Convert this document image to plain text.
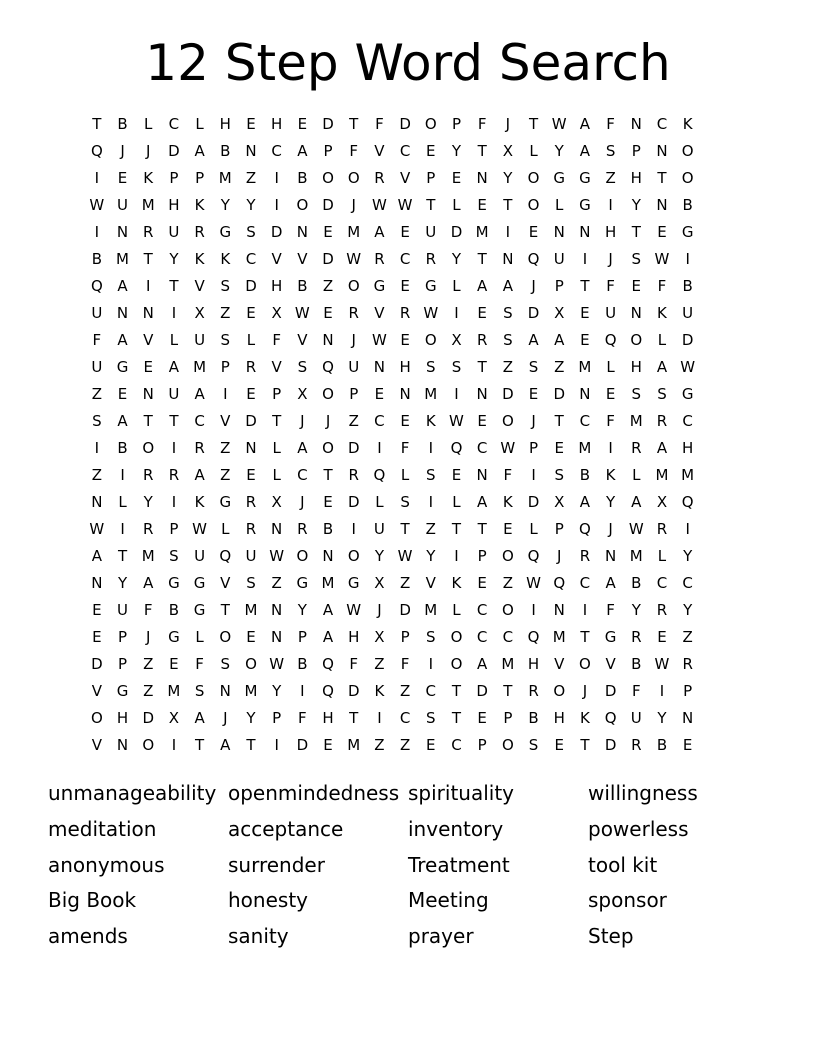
12 Step Word Search
T	B	L	C	L	H	E	H	E	D	T	F	D O	P	F	J	T W A	F	N C	K
Q	J	J	D A	B N C	A	P	F	V	C	E	Y	T	X	L	Y	A	S	P	N O
I	E	K	P	P M Z	I	B O O R	V	P	E	N	Y	O G G Z H	T	O
W U M H	K	Y	Y	I	O D	J	W W T	L	E	T	O	L	G	I	Y	N B
I	N R U R G	S	D N	E M A	E	U D M	I	E	N N H	T	E	G
B M T	Y	K	K	C	V	V D W R	C	R	Y	T	N Q U	I	J	S W	I
Q A	I	T	V	S	D H B	Z O G	E	G	L	A	A	J	P	T	F	E	F	B
U N N	I	X	Z	E	X W E	R	V	R W	I	E	S	D X	E	U N	K	U
F	A	V	L	U	S	L	F	V N	J	W E	O X	R	S	A	A	E	Q O	L	D
U G	E	A M P	R	V	S	Q U N H	S	S	T	Z	S	Z M	L	H A W
Z	E	N U	A	I	E	P	X O	P	E	N M	I	N D	E	D N	E	S	S	G
S	A	T	T	C	V D	T	J	J	Z	C	E	K W E	O	J	T	C	F M R	C
I	B O	I	R	Z N	L	A O D	I	F	I	Q C W P	E M	I	R	A H
Z	I	R	R	A	Z	E	L	C	T	R Q	L	S	E	N	F	I	S	B	K	L	M M
N	L	Y	I	K G R	X	J	E	D	L	S	I	L	A	K D X	A	Y	A	X Q
W	I	R	P W L	R N R	B	I	U	T	Z	T	T	E	L	P	Q	J	W R	I
A	T M S	U Q U W O N O	Y W Y	I	P	O Q	J	R N M	L	Y
N	Y	A G G V	S	Z G M G X	Z	V	K	E	Z W Q C	A	B	C	C
E	U	F	B G	T M N	Y	A W	J	D M	L	C O	I	N	I	F	Y	R	Y
E	P	J	G	L	O	E	N	P	A H X	P	S	O C	C Q M T	G R	E	Z
D	P	Z	E	F	S	O W B Q	F	Z	F	I	O A M H V O V	B W R
V G Z M S	N M Y	I	Q D K	Z	C	T	D	T	R O	J	D	F	I	P
O H D X	A	J	Y	P	F	H	T	I	C	S	T	E	P	B H	K Q U	Y	N
V N O	I	T	A	T	I	D	E M Z	Z	E	C	P	O	S	E	T	D R	B	E
unmanageability openmindedness spirituality	willingness
meditation	acceptance	inventory	powerless
anonymous	surrender	Treatment	tool kit
Big Book	honesty	Meeting	sponsor
amends	sanity	prayer	Step
